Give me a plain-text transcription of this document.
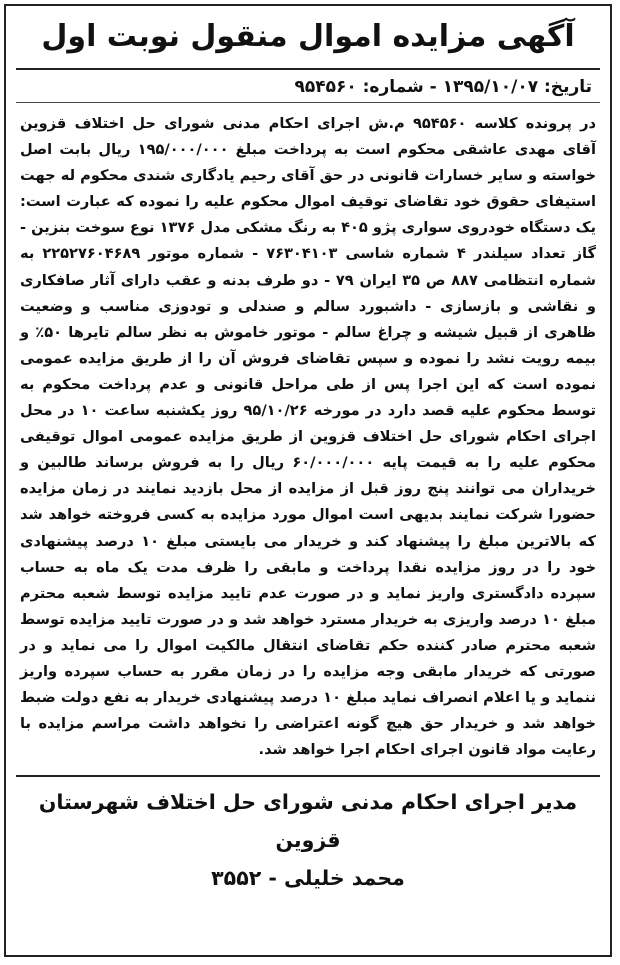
آگهی مزایده اموال منقول نوبت اول
تاریخ: ۱۳۹۵/۱۰/۰۷ - شماره: ۹۵۴۵۶۰

در پرونده کلاسه ۹۵۴۵۶۰ م.ش اجرای احکام مدنی شورای حل اختلاف قزوین آقای مهدی عاشقی محکوم است به پرداخت مبلغ ۱۹۵/۰۰۰/۰۰۰ ریال بابت اصل خواسته و سایر خسارات قانونی در حق آقای رحیم یادگاری شندی محکوم له جهت استیفای حقوق خود تقاضای توقیف اموال محکوم علیه را نموده که عبارت است: یک دستگاه خودروی سواری پژو ۴۰۵ به رنگ مشکی مدل ۱۳۷۶ نوع سوخت بنزین - گاز تعداد سیلندر ۴ شماره شاسی ۷۶۳۰۴۱۰۳ - شماره موتور ۲۲۵۲۷۶۰۴۶۸۹ به شماره انتظامی ۸۸۷ ص ۳۵ ایران ۷۹ - دو طرف بدنه و عقب دارای آثار صافکاری و نقاشی و بازسازی - داشبورد سالم و صندلی و تودوزی مناسب و وضعیت ظاهری از قبیل شیشه و چراغ سالم - موتور خاموش به نظر سالم تایرها ۵۰٪ و بیمه رویت نشد را نموده و سپس تقاضای فروش آن را از طریق مزایده عمومی نموده است که این اجرا پس از طی مراحل قانونی و عدم پرداخت محکوم به توسط محکوم علیه قصد دارد در مورخه ۹۵/۱۰/۲۶ روز یکشنبه ساعت ۱۰ در محل اجرای احکام شورای حل اختلاف قزوین از طریق مزایده عمومی اموال توقیفی محکوم علیه را به قیمت پایه ۶۰/۰۰۰/۰۰۰ ریال را به فروش برساند طالبین و خریداران می توانند پنج روز قبل از مزایده از محل بازدید نمایند در زمان مزایده حضورا شرکت نمایند بدیهی است اموال مورد مزایده به کسی فروخته خواهد شد که بالاترین مبلغ را پیشنهاد کند و خریدار می بایستی مبلغ ۱۰ درصد پیشنهادی خود را در روز مزایده نقدا پرداخت و مابقی را ظرف مدت یک ماه به حساب سپرده دادگستری واریز نماید و در صورت عدم تایید مزایده توسط شعبه محترم مبلغ ۱۰ درصد واریزی به خریدار مسترد خواهد شد و در صورت تایید مزایده توسط شعبه محترم صادر کننده حکم تقاضای انتقال مالکیت اموال را می نماید و در صورتی که خریدار مابقی وجه مزایده را در زمان مقرر به حساب سپرده واریز ننماید و یا اعلام انصراف نماید مبلغ ۱۰ درصد پیشنهادی خریدار به نفع دولت ضبط خواهد شد و خریدار حق هیچ گونه اعتراضی را نخواهد داشت مراسم مزایده با رعایت مواد قانون اجرای احکام اجرا خواهد شد.

مدیر اجرای احکام مدنی شورای حل اختلاف شهرستان قزوین
محمد خلیلی - ۳۵۵۲
